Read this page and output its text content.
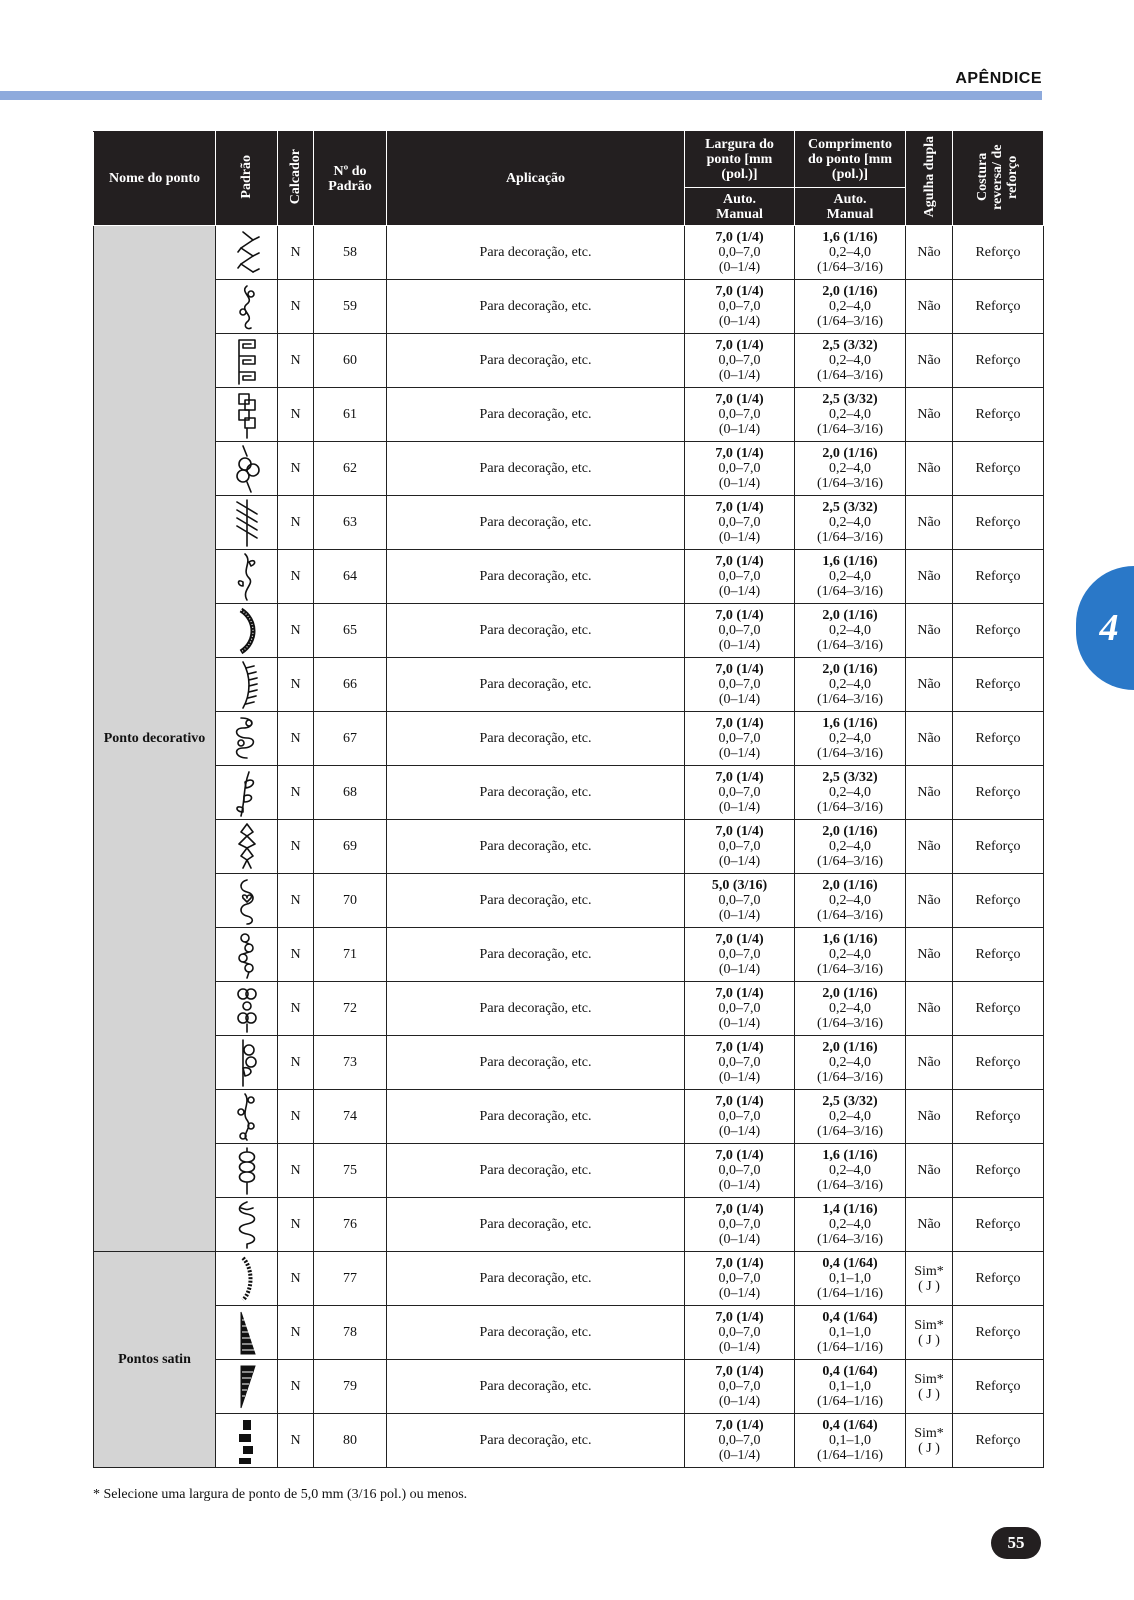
APÊNDICE
4
Nome do ponto	Padrão	Calcador	Nº do Padrão	Aplicação	Largura do ponto [mm (pol.)]	Comprimento do ponto [mm (pol.)]	Agulha dupla	Costura reversa/ de reforço
					Auto. Manual	Auto. Manual		
Ponto decorativo		N	58	Para decoração, etc.	7,0 (1/4)
0,0–7,0
(0–1/4)	1,6 (1/16)
0,2–4,0
(1/64–3/16)	Não	Reforço

	N	59	Para decoração, etc.	7,0 (1/4)
0,0–7,0
(0–1/4)	2,0 (1/16)
0,2–4,0
(1/64–3/16)	Não	Reforço

	N	60	Para decoração, etc.	7,0 (1/4)
0,0–7,0
(0–1/4)	2,5 (3/32)
0,2–4,0
(1/64–3/16)	Não	Reforço

	N	61	Para decoração, etc.	7,0 (1/4)
0,0–7,0
(0–1/4)	2,5 (3/32)
0,2–4,0
(1/64–3/16)	Não	Reforço

	N	62	Para decoração, etc.	7,0 (1/4)
0,0–7,0
(0–1/4)	2,0 (1/16)
0,2–4,0
(1/64–3/16)	Não	Reforço

	N	63	Para decoração, etc.	7,0 (1/4)
0,0–7,0
(0–1/4)	2,5 (3/32)
0,2–4,0
(1/64–3/16)	Não	Reforço

	N	64	Para decoração, etc.	7,0 (1/4)
0,0–7,0
(0–1/4)	1,6 (1/16)
0,2–4,0
(1/64–3/16)	Não	Reforço

	N	65	Para decoração, etc.	7,0 (1/4)
0,0–7,0
(0–1/4)	2,0 (1/16)
0,2–4,0
(1/64–3/16)	Não	Reforço

	N	66	Para decoração, etc.	7,0 (1/4)
0,0–7,0
(0–1/4)	2,0 (1/16)
0,2–4,0
(1/64–3/16)	Não	Reforço

	N	67	Para decoração, etc.	7,0 (1/4)
0,0–7,0
(0–1/4)	1,6 (1/16)
0,2–4,0
(1/64–3/16)	Não	Reforço

	N	68	Para decoração, etc.	7,0 (1/4)
0,0–7,0
(0–1/4)	2,5 (3/32)
0,2–4,0
(1/64–3/16)	Não	Reforço

	N	69	Para decoração, etc.	7,0 (1/4)
0,0–7,0
(0–1/4)	2,0 (1/16)
0,2–4,0
(1/64–3/16)	Não	Reforço

	N	70	Para decoração, etc.	5,0 (3/16)
0,0–7,0
(0–1/4)	2,0 (1/16)
0,2–4,0
(1/64–3/16)	Não	Reforço

	N	71	Para decoração, etc.	7,0 (1/4)
0,0–7,0
(0–1/4)	1,6 (1/16)
0,2–4,0
(1/64–3/16)	Não	Reforço

	N	72	Para decoração, etc.	7,0 (1/4)
0,0–7,0
(0–1/4)	2,0 (1/16)
0,2–4,0
(1/64–3/16)	Não	Reforço

	N	73	Para decoração, etc.	7,0 (1/4)
0,0–7,0
(0–1/4)	2,0 (1/16)
0,2–4,0
(1/64–3/16)	Não	Reforço

	N	74	Para decoração, etc.	7,0 (1/4)
0,0–7,0
(0–1/4)	2,5 (3/32)
0,2–4,0
(1/64–3/16)	Não	Reforço

	N	75	Para decoração, etc.	7,0 (1/4)
0,0–7,0
(0–1/4)	1,6 (1/16)
0,2–4,0
(1/64–3/16)	Não	Reforço

	N	76	Para decoração, etc.	7,0 (1/4)
0,0–7,0
(0–1/4)	1,4 (1/16)
0,2–4,0
(1/64–3/16)	Não	Reforço
Pontos satin		N	77	Para decoração, etc.	7,0 (1/4)
0,0–7,0
(0–1/4)	0,4 (1/64)
0,1–1,0
(1/64–1/16)	Sim*
( J )	Reforço

	N	78	Para decoração, etc.	7,0 (1/4)
0,0–7,0
(0–1/4)	0,4 (1/64)
0,1–1,0
(1/64–1/16)	Sim*
( J )	Reforço

	N	79	Para decoração, etc.	7,0 (1/4)
0,0–7,0
(0–1/4)	0,4 (1/64)
0,1–1,0
(1/64–1/16)	Sim*
( J )	Reforço

	N	80	Para decoração, etc.	7,0 (1/4)
0,0–7,0
(0–1/4)	0,4 (1/64)
0,1–1,0
(1/64–1/16)	Sim*
( J )	Reforço
* Selecione uma largura de ponto de 5,0 mm (3/16 pol.) ou menos.
55
